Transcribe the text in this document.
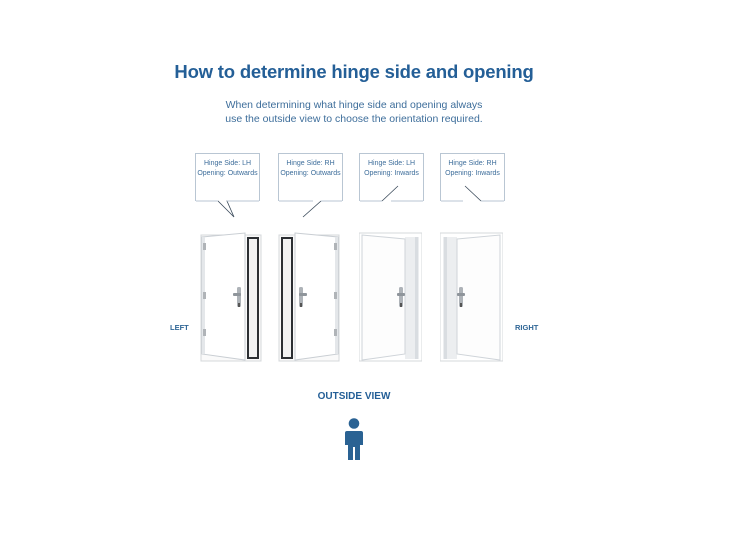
How to determine hinge side and opening
When determining what hinge side and opening always
use the outside view to choose the orientation required.
Hinge Side: LH
Opening: Outwards
Hinge Side: RH
Opening: Outwards
Hinge Side: LH
Opening: Inwards
Hinge Side: RH
Opening: Inwards
LEFT	RIGHT
OUTSIDE VIEW
